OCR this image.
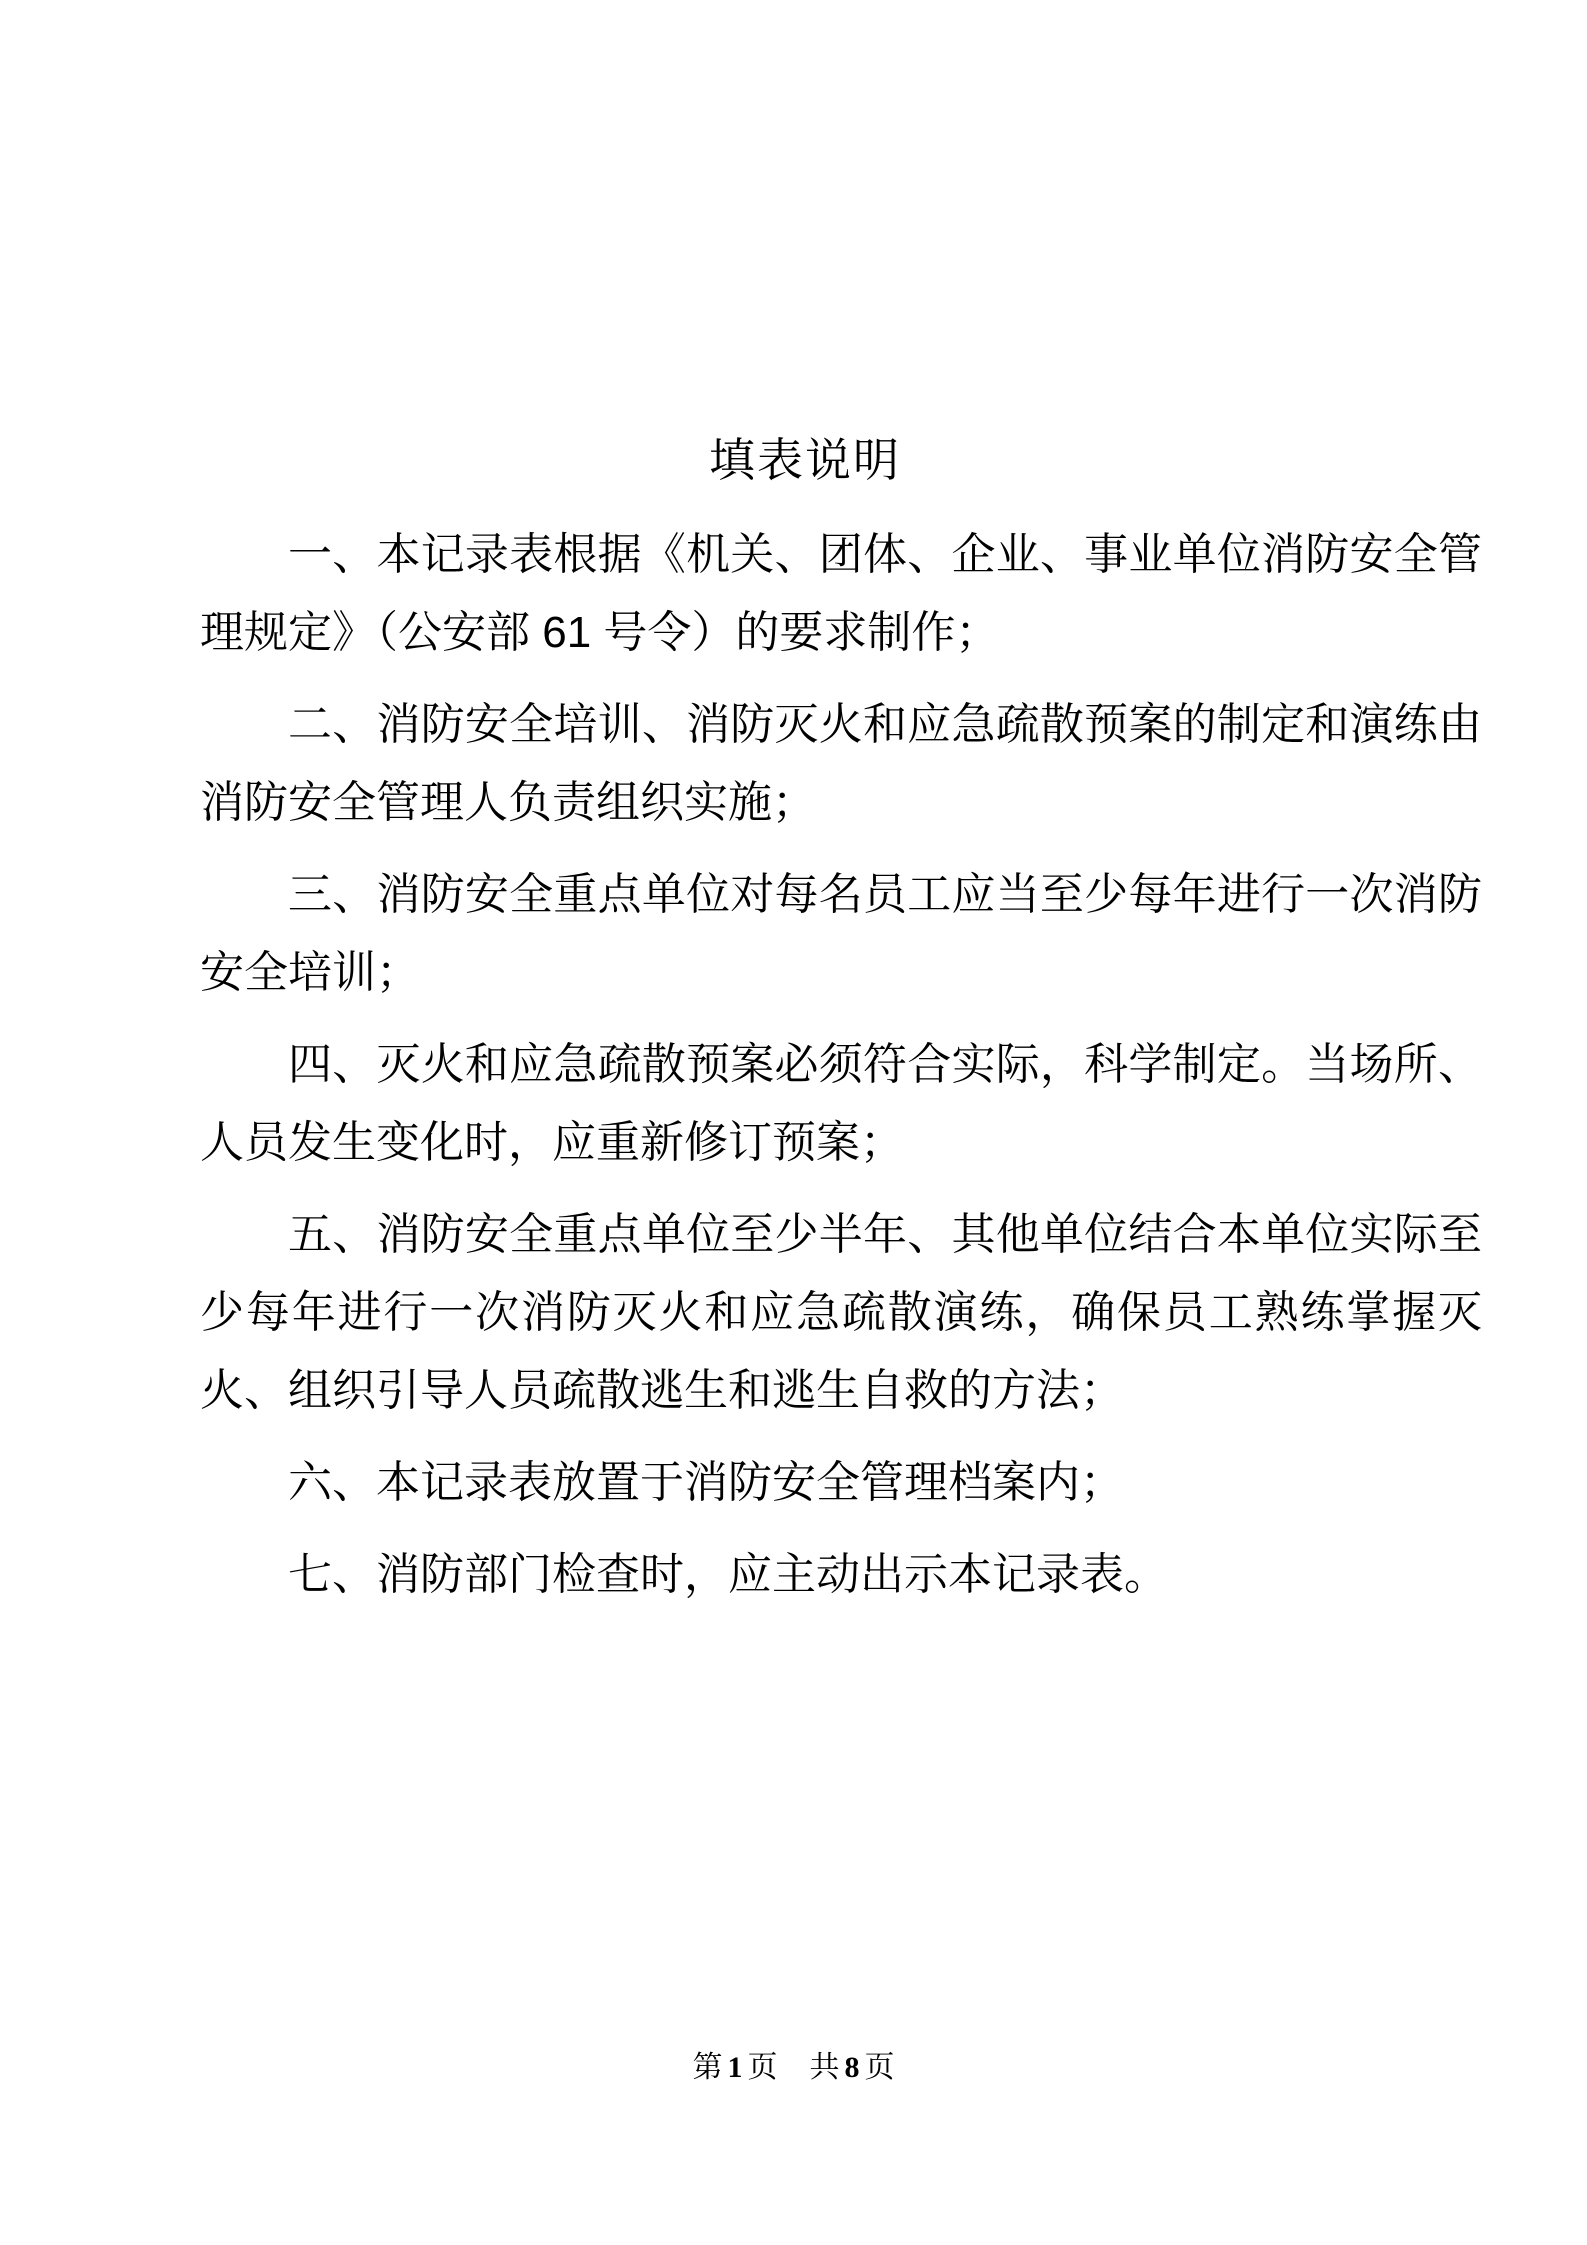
填表说明
一、本记录表根据《机关、团体、企业、事业单位消防安全管
理规定》（公安部 61 号令）的要求制作；
二、消防安全培训、消防灭火和应急疏散预案的制定和演练由
消防安全管理人负责组织实施；
三、消防安全重点单位对每名员工应当至少每年进行一次消防
安全培训；
四、灭火和应急疏散预案必须符合实际，科学制定。当场所、
人员发生变化时，应重新修订预案；
五、消防安全重点单位至少半年、其他单位结合本单位实际至
少每年进行一次消防灭火和应急疏散演练，确保员工熟练掌握灭
火、组织引导人员疏散逃生和逃生自救的方法；
六、本记录表放置于消防安全管理档案内；
七、消防部门检查时，应主动出示本记录表。
第 1 页 共 8 页
